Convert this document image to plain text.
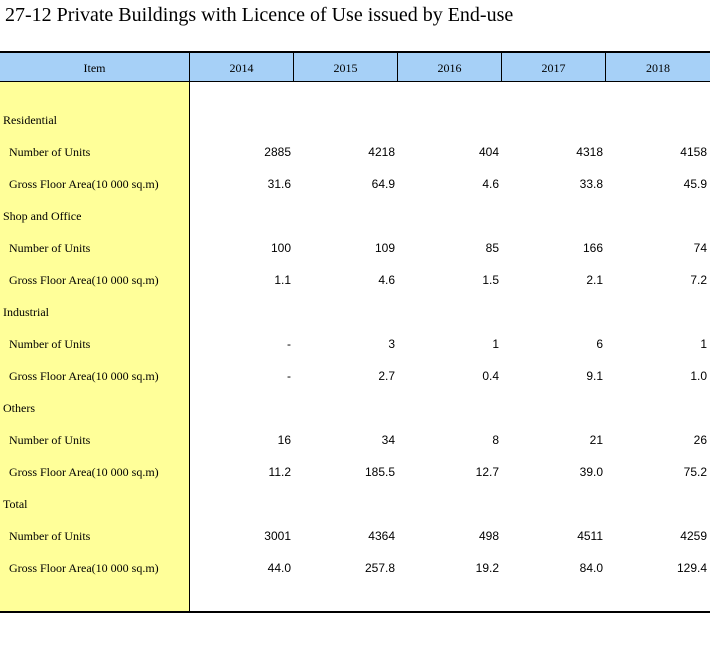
27-12 Private Buildings with Licence of Use issued by End-use
Item	2014	2015	2016	2017	2018
Residential
Number of Units	2885	4218	404	4318	4158
Gross Floor Area(10 000 sq.m)	31.6	64.9	4.6	33.8	45.9
Shop and Office
Number of Units	100	109	85	166	74
Gross Floor Area(10 000 sq.m)	1.1	4.6	1.5	2.1	7.2
Industrial
Number of Units	-	3	1	6	1
Gross Floor Area(10 000 sq.m)	-	2.7	0.4	9.1	1.0
Others
Number of Units	16	34	8	21	26
Gross Floor Area(10 000 sq.m)	11.2	185.5	12.7	39.0	75.2
Total
Number of Units	3001	4364	498	4511	4259
Gross Floor Area(10 000 sq.m)	44.0	257.8	19.2	84.0	129.4
